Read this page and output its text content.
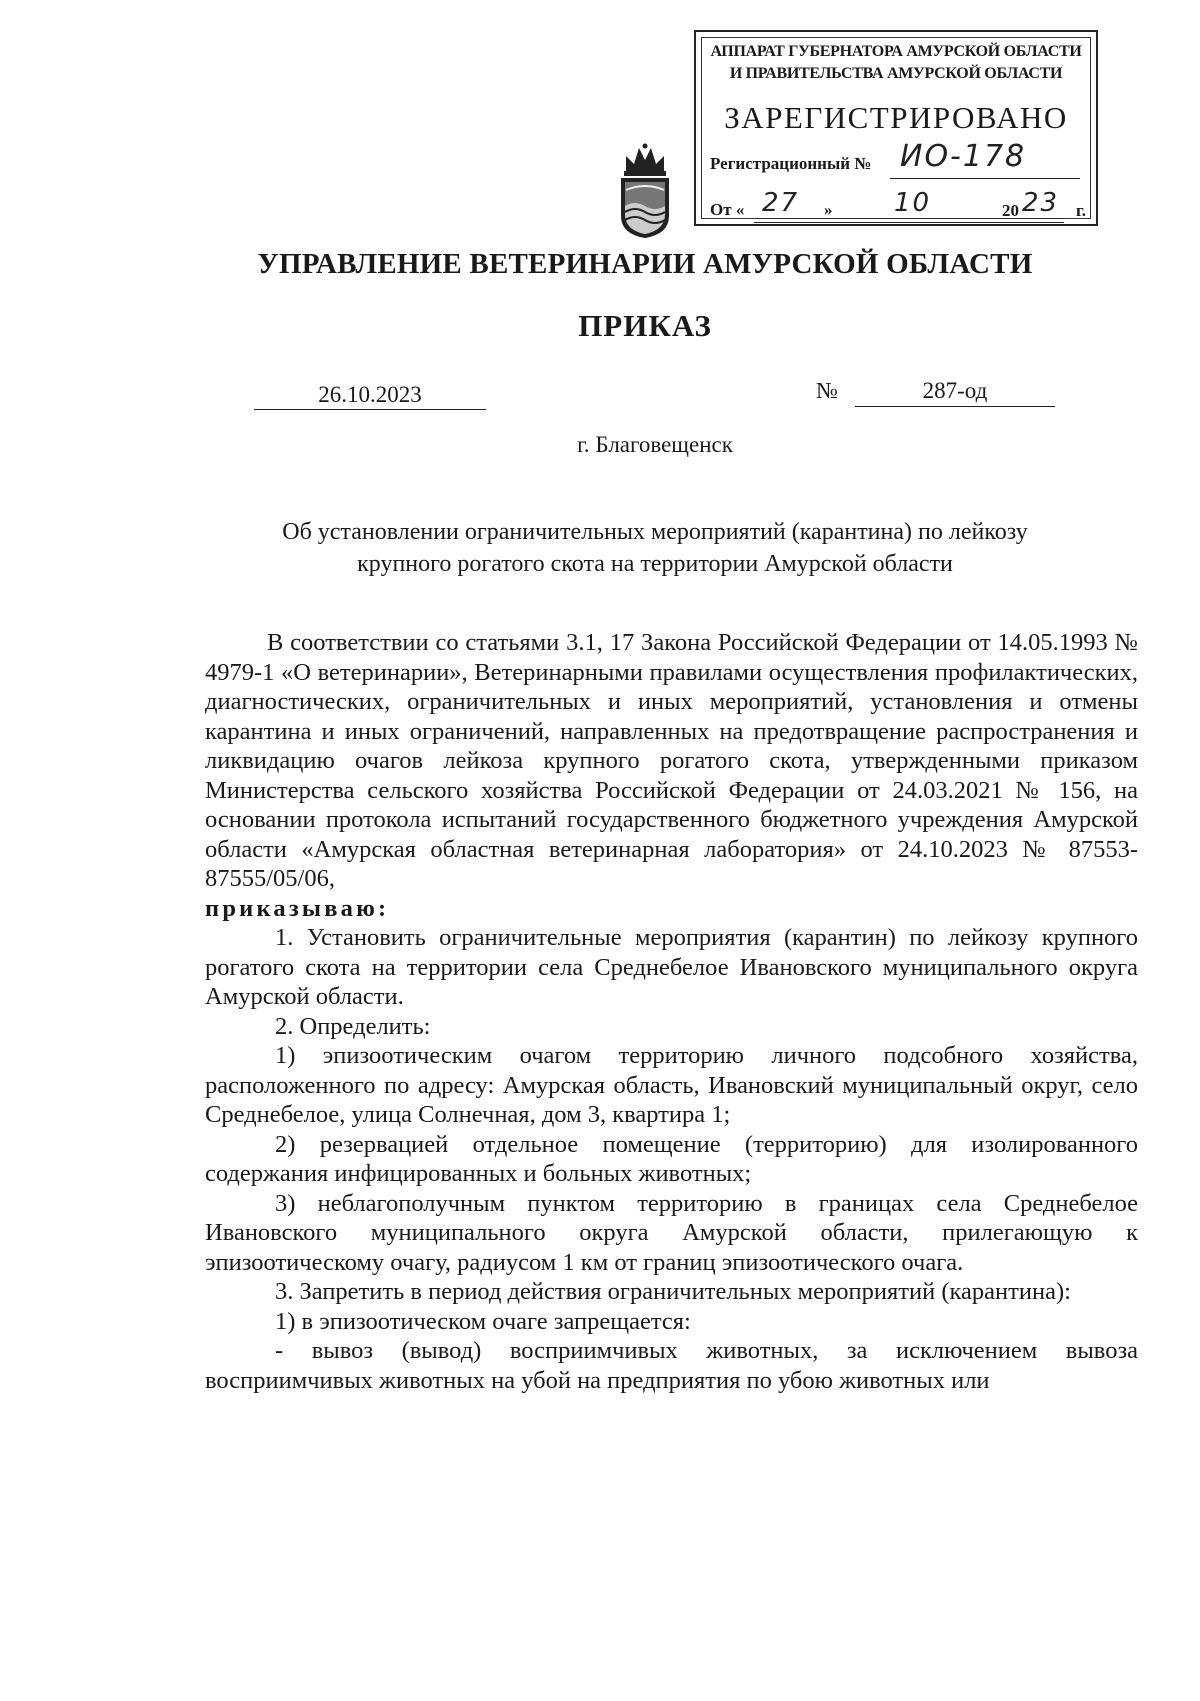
АППАРАТ ГУБЕРНАТОРА АМУРСКОЙ ОБЛАСТИ
И ПРАВИТЕЛЬСТВА АМУРСКОЙ ОБЛАСТИ
ЗАРЕГИСТРИРОВАНО
Регистрационный № ИО-178
От « 27 » 10	20 23 г.
УПРАВЛЕНИЕ ВЕТЕРИНАРИИ АМУРСКОЙ ОБЛАСТИ
ПРИКАЗ
26.10.2023	№	287-од
г. Благовещенск
Об установлении ограничительных мероприятий (карантина) по лейкозу
крупного рогатого скота на территории Амурской области

В соответствии со статьями 3.1, 17 Закона Российской Федерации от 14.05.1993 № 4979-1 «О ветеринарии», Ветеринарными правилами осуществления профилактических, диагностических, ограничительных и иных мероприятий, установления и отмены карантина и иных ограничений, направленных на предотвращение распространения и ликвидацию очагов лейкоза крупного рогатого скота, утвержденными приказом Министерства сельского хозяйства Российской Федерации от 24.03.2021 № 156, на основании протокола испытаний государственного бюджетного учреждения Амурской области «Амурская областная ветеринарная лаборатория» от 24.10.2023 № 87553-87555/05/06,

приказываю:

1. Установить ограничительные мероприятия (карантин) по лейкозу крупного рогатого скота на территории села Среднебелое Ивановского муниципального округа Амурской области.

2. Определить:

1) эпизоотическим очагом территорию личного подсобного хозяйства, расположенного по адресу: Амурская область, Ивановский муниципальный округ, село Среднебелое, улица Солнечная, дом 3, квартира 1;

2) резервацией отдельное помещение (территорию) для изолированного содержания инфицированных и больных животных;

3) неблагополучным пунктом территорию в границах села Среднебелое Ивановского муниципального округа Амурской области, прилегающую к эпизоотическому очагу, радиусом 1 км от границ эпизоотического очага.

3. Запретить в период действия ограничительных мероприятий (карантина):

1) в эпизоотическом очаге запрещается:

- вывоз (вывод) восприимчивых животных, за исключением вывоза восприимчивых животных на убой на предприятия по убою животных или
